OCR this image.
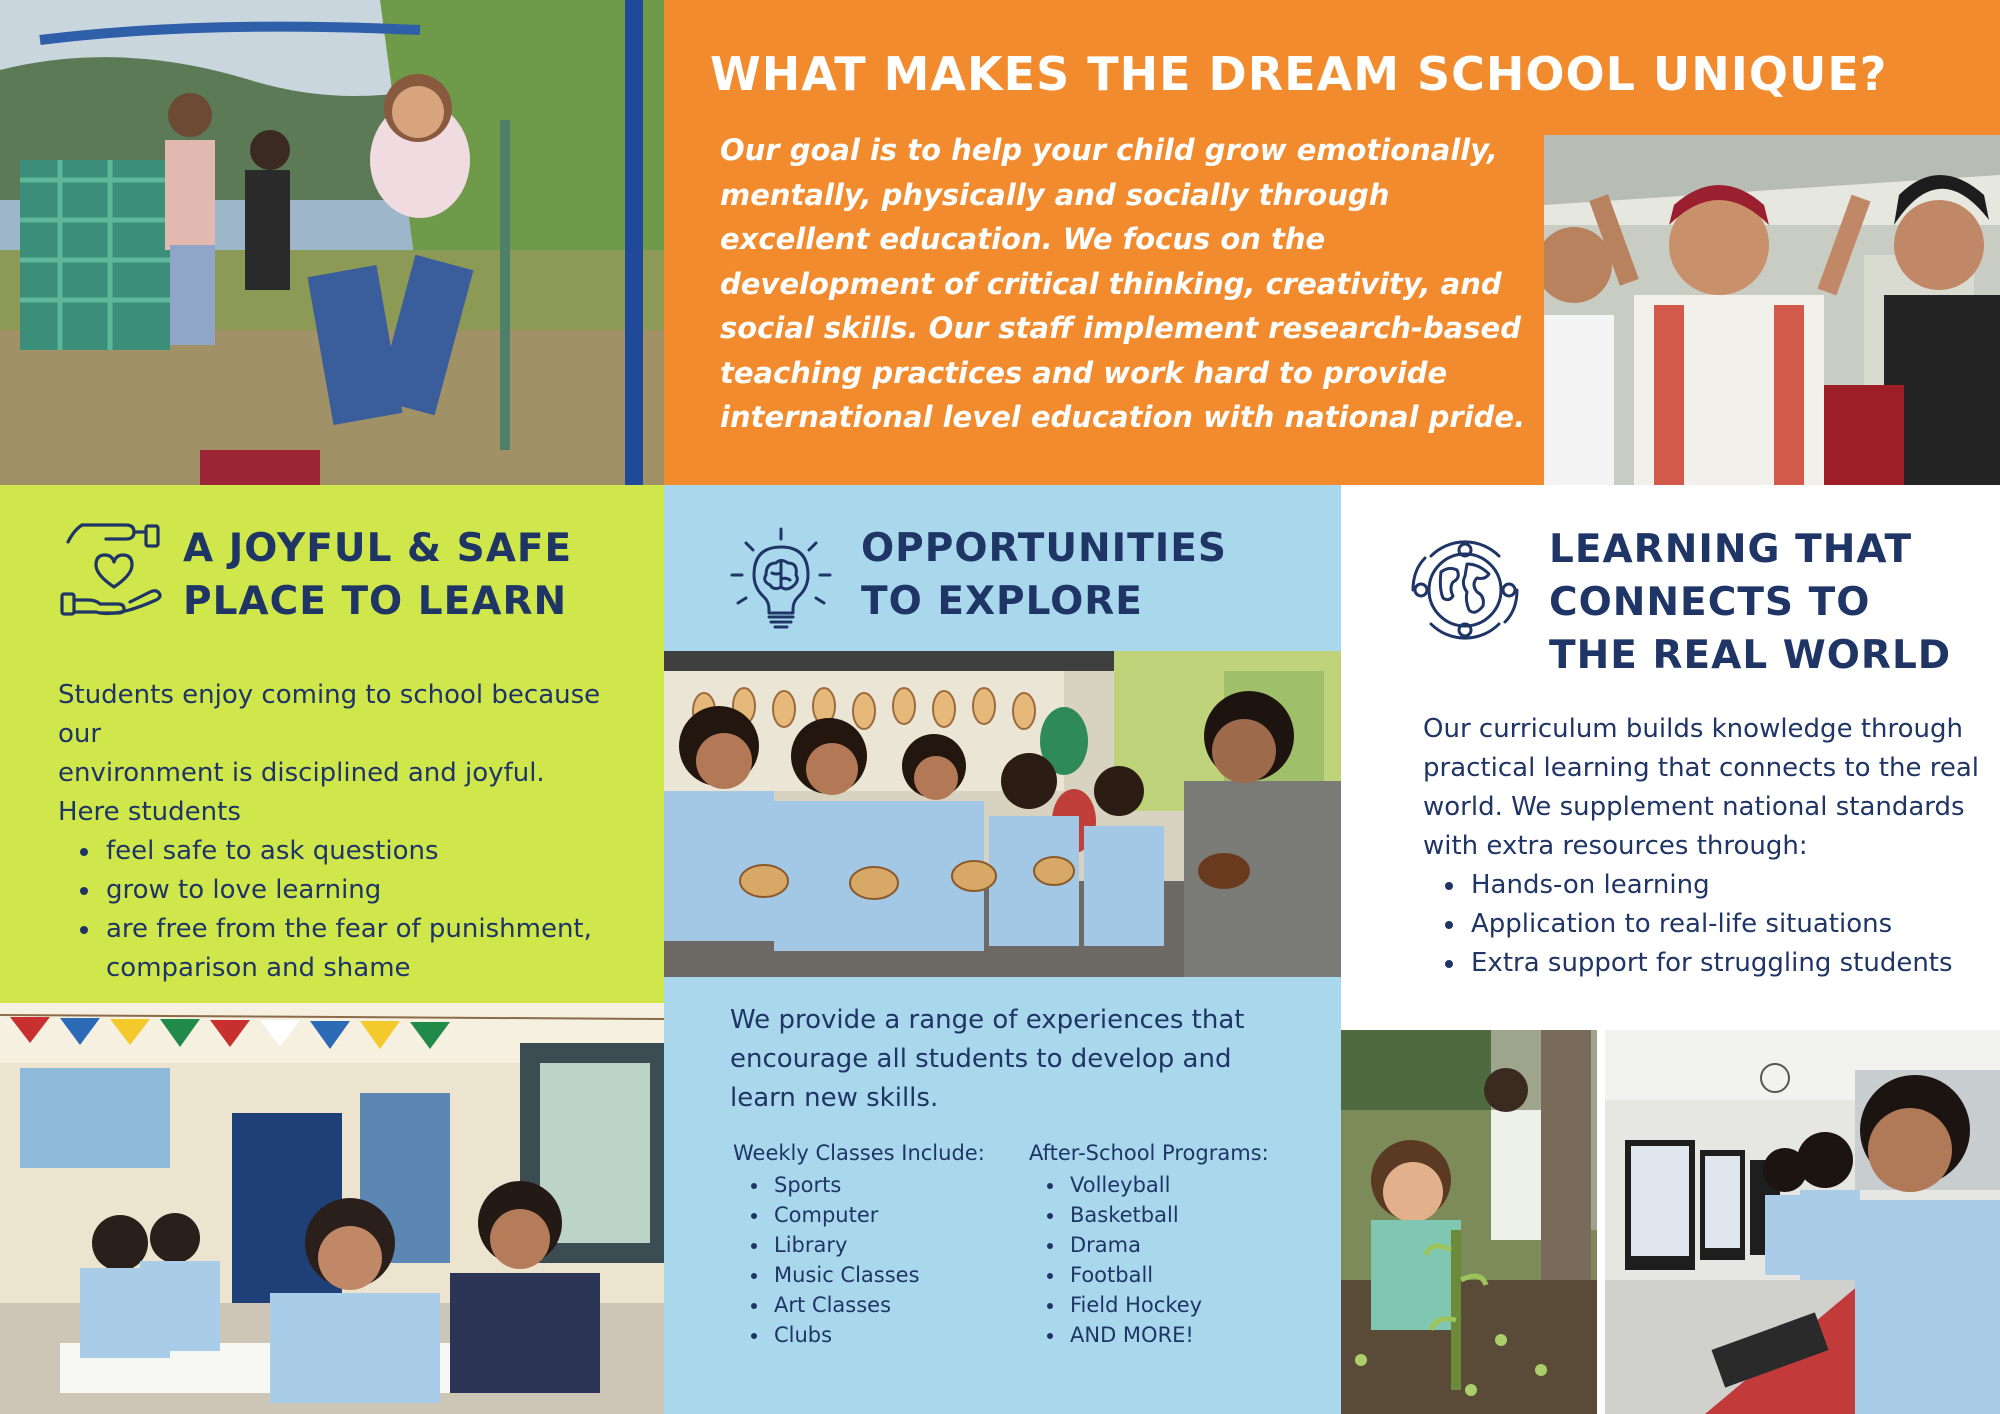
WHAT MAKES THE DREAM SCHOOL UNIQUE?

Our goal is to help your child grow emotionally, mentally, physically and socially through excellent education. We focus on the development of critical thinking, creativity, and social skills. Our staff implement research-based teaching practices and work hard to provide international level education with national pride.

A JOYFUL & SAFE
PLACE TO LEARN

Students enjoy coming to school because our

environment is disciplined and joyful.

Here students

feel safe to ask questions
grow to love learning
are free from the fear of punishment, comparison and shame
OPPORTUNITIES
TO EXPLORE

We provide a range of experiences that encourage all students to develop and learn new skills.

Weekly Classes Include:

Sports
Computer
Library
Music Classes
Art Classes
Clubs

After-School Programs:

Volleyball
Basketball
Drama
Football
Field Hockey
AND MORE!
LEARNING THAT
CONNECTS TO
THE REAL WORLD

Our curriculum builds knowledge through practical learning that connects to the real world. We supplement national standards with extra resources through:

Hands-on learning
Application to real-life situations
Extra support for struggling students
